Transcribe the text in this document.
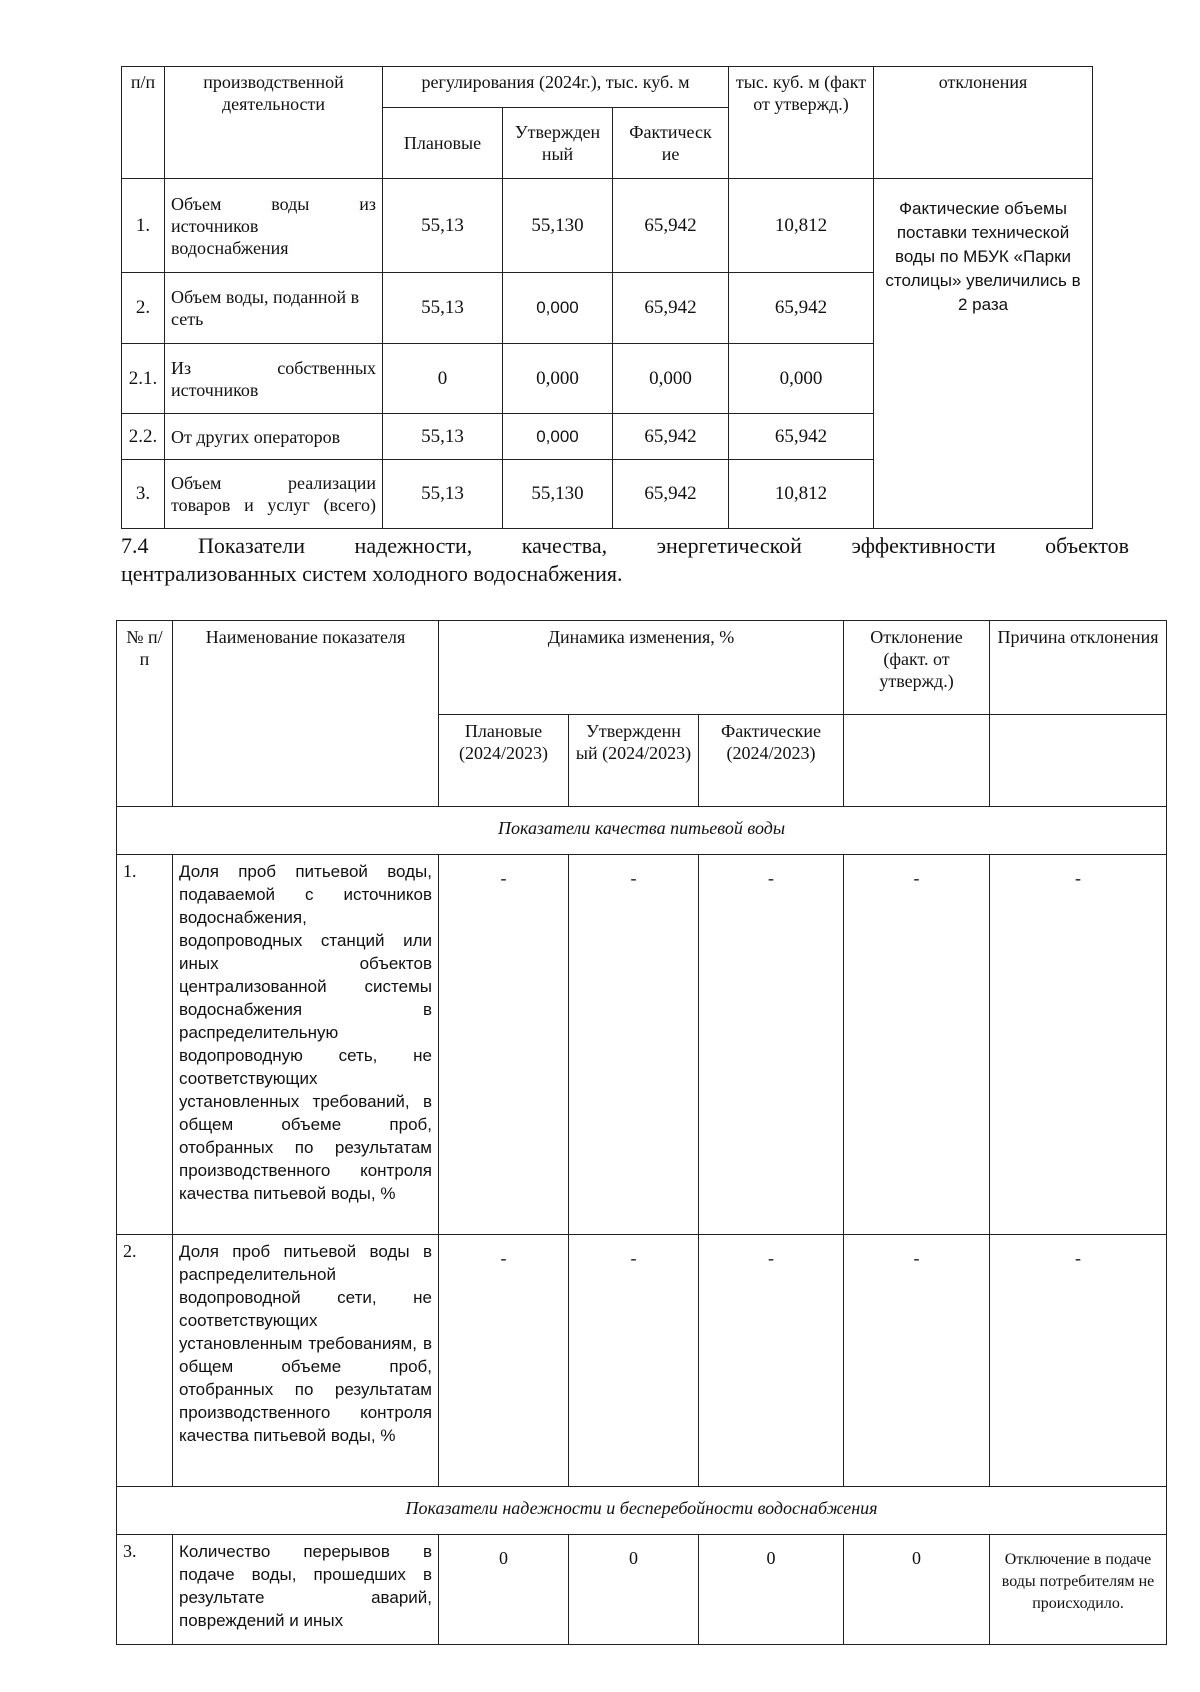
п/п	производственной деятельности	регулирования (2024г.), тыс. куб. м			тыс. куб. м (факт от утвержд.)	отклонения
		Плановые	Утвержден ный	Фактическ ие		
1.	Объем воды из источников водоснабжения	55,13	55,130	65,942	10,812	Фактические объемы поставки технической воды по МБУК «Парки столицы» увеличились в 2 раза
2.	Объем воды, поданной в сеть	55,13	0,000	65,942	65,942	
2.1.	Из собственных источников	0	0,000	0,000	0,000	
2.2.	От других операторов	55,13	0,000	65,942	65,942	
3.	Объем реализации товаров и услуг (всего)	55,13	55,130	65,942	10,812	
7.4 Показатели надежности, качества, энергетической эффективности объектов
централизованных систем холодного водоснабжения.
№ п/п	Наименование показателя	Динамика изменения, %			Отклонение (факт. от утвержд.)	Причина отклонения
		Плановые (2024/2023)	Утвержденн ый (2024/2023)	Фактические (2024/2023)		
Показатели качества питьевой воды						
1.	Доля проб питьевой воды, подаваемой с источников водоснабжения, водопроводных станций или иных объектов централизованной системы водоснабжения в распределительную водопроводную сеть, не соответствующих установленных требований, в общем объеме проб, отобранных по результатам производственного контроля качества питьевой воды, %	-	-	-	-	-
2.	Доля проб питьевой воды в распределительной водопроводной сети, не соответствующих установленным требованиям, в общем объеме проб, отобранных по результатам производственного контроля качества питьевой воды, %	-	-	-	-	-
Показатели надежности и бесперебойности водоснабжения						
3.	Количество перерывов в подаче воды, прошедших в результате аварий, повреждений и иных	0	0	0	0	Отключение в подаче воды потребителям не происходило.
